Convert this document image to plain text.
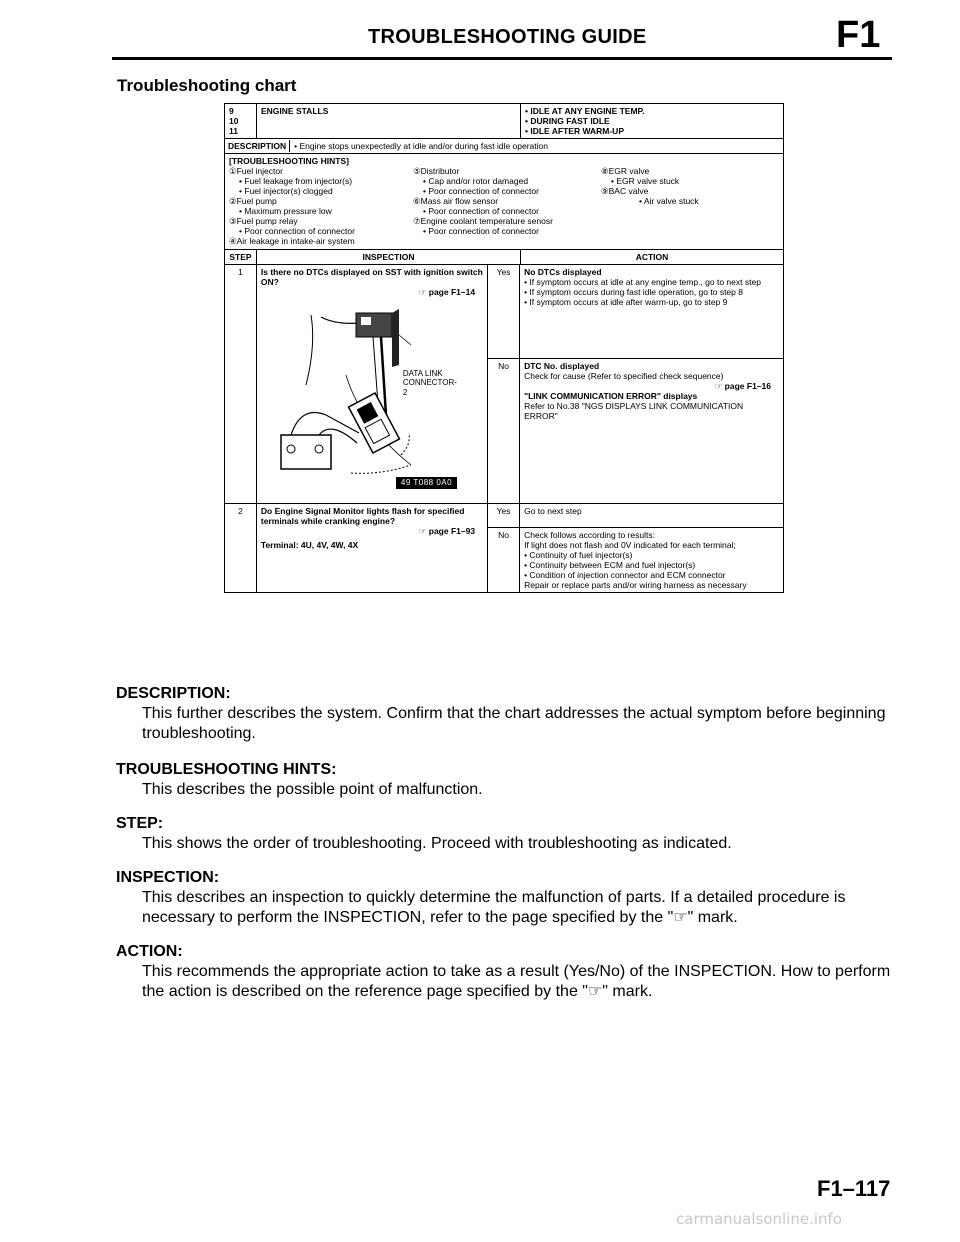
TROUBLESHOOTING GUIDE	F1
Troubleshooting chart
9
10
11
ENGINE STALLS	• IDLE AT ANY ENGINE TEMP.
• DURING FAST IDLE
• IDLE AFTER WARM-UP
DESCRIPTION	• Engine stops unexpectedly at idle and/or during fast idle operation
[TROUBLESHOOTING HINTS]
①Fuel injector
• Fuel leakage from injector(s)
• Fuel injector(s) clogged
②Fuel pump
• Maximum pressure low
③Fuel pump relay
• Poor connection of connector
④Air leakage in intake-air system
⑤Distributor
• Cap and/or rotor damaged
• Poor connection of connector
⑥Mass air flow sensor
• Poor connection of connector
⑦Engine coolant temperature senosr
• Poor connection of connector
⑧EGR valve
• EGR valve stuck
⑨BAC valve
• Air valve stuck
STEP	INSPECTION	ACTION
1	Is there no DTCs displayed on SST with ignition switch ON?
☞ page F1–14
DATA LINK
CONNECTOR-2
49 T088 0A0
Yes	No DTCs displayed
• If symptom occurs at idle at any engine temp., go to next step
• If symptom occurs during fast idle operation, go to step 8
• If symptom occurs at idle after warm-up, go to step 9
No	DTC No. displayed
Check for cause (Refer to specified check sequence)
☞ page F1–16
"LINK COMMUNICATION ERROR" displays
Refer to No.38 "NGS DISPLAYS LINK COMMUNICATION ERROR"
2	Do Engine Signal Monitor lights flash for specified terminals while cranking engine?
☞ page F1–93
Terminal: 4U, 4V, 4W, 4X
Yes	Go to next step
No	Check follows according to results:
If light does not flash and 0V indicated for each terminal;
• Continuity of fuel injector(s)
• Continuity between ECM and fuel injector(s)
• Condition of injection connector and ECM connector
Repair or replace parts and/or wiring harness as necessary
DESCRIPTION:
This further describes the system. Confirm that the chart addresses the actual symptom before beginning troubleshooting.
TROUBLESHOOTING HINTS:
This describes the possible point of malfunction.
STEP:
This shows the order of troubleshooting. Proceed with troubleshooting as indicated.
INSPECTION:
This describes an inspection to quickly determine the malfunction of parts. If a detailed procedure is necessary to perform the INSPECTION, refer to the page specified by the "☞" mark.
ACTION:
This recommends the appropriate action to take as a result (Yes/No) of the INSPECTION. How to perform the action is described on the reference page specified by the "☞" mark.
F1–117
carmanualsonline.info
